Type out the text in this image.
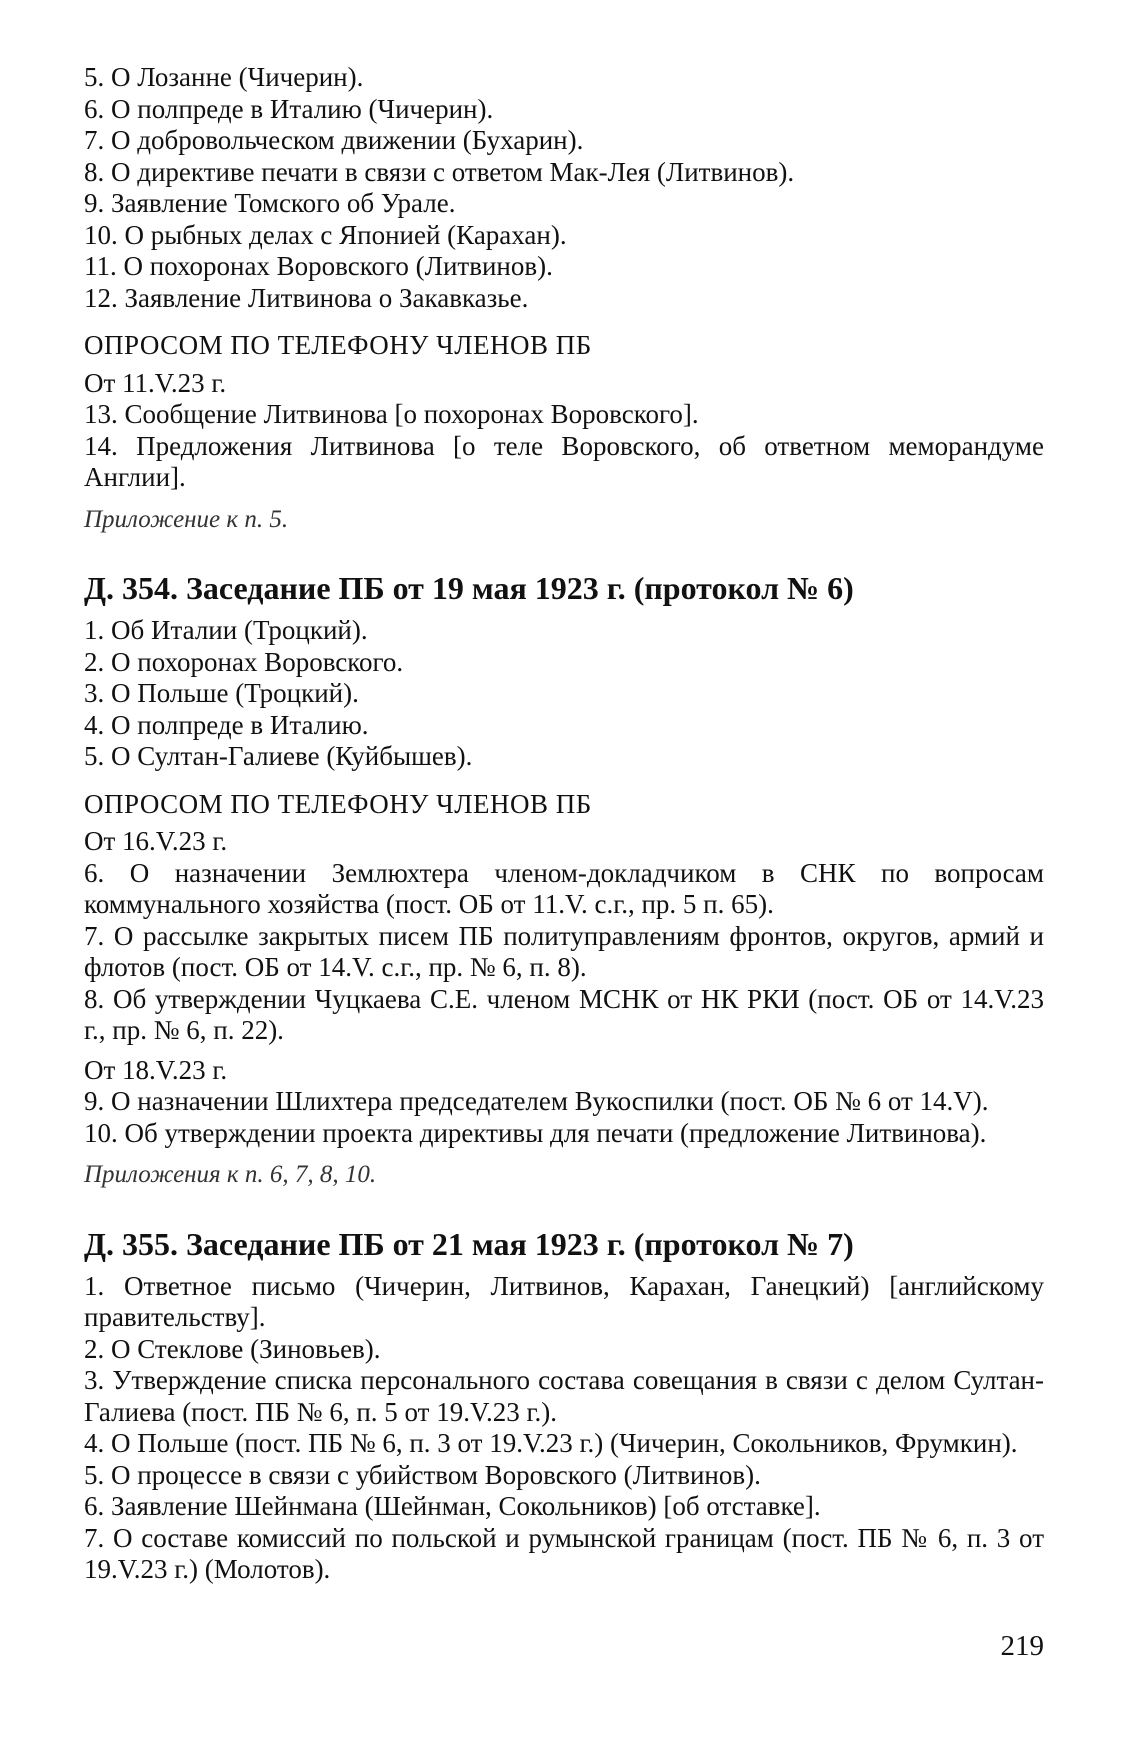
5. О Лозанне (Чичерин).
6. О полпреде в Италию (Чичерин).
7. О добровольческом движении (Бухарин).
8. О директиве печати в связи с ответом Мак-Лея (Литвинов).
9. Заявление Томского об Урале.
10. О рыбных делах с Японией (Карахан).
11. О похоронах Воровского (Литвинов).
12. Заявление Литвинова о Закавказье.
ОПРОСОМ ПО ТЕЛЕФОНУ ЧЛЕНОВ ПБ
От 11.V.23 г.
13. Сообщение Литвинова [о похоронах Воровского].
14. Предложения Литвинова [о теле Воровского, об ответном меморандуме Англии].
Приложение к п. 5.
Д. 354. Заседание ПБ от 19 мая 1923 г. (протокол № 6)
1. Об Италии (Троцкий).
2. О похоронах Воровского.
3. О Польше (Троцкий).
4. О полпреде в Италию.
5. О Султан-Галиеве (Куйбышев).
ОПРОСОМ ПО ТЕЛЕФОНУ ЧЛЕНОВ ПБ
От 16.V.23 г.
6. О назначении Землюхтера членом-докладчиком в СНК по вопросам коммунального хозяйства (пост. ОБ от 11.V. с.г., пр. 5 п. 65).
7. О рассылке закрытых писем ПБ политуправлениям фронтов, округов, армий и флотов (пост. ОБ от 14.V. с.г., пр. № 6, п. 8).
8. Об утверждении Чуцкаева С.Е. членом МСНК от НК РКИ (пост. ОБ от 14.V.23 г., пр. № 6, п. 22).
От 18.V.23 г.
9. О назначении Шлихтера председателем Вукоспилки (пост. ОБ № 6 от 14.V).
10. Об утверждении проекта директивы для печати (предложение Литвинова).
Приложения к п. 6, 7, 8, 10.
Д. 355. Заседание ПБ от 21 мая 1923 г. (протокол № 7)
1. Ответное письмо (Чичерин, Литвинов, Карахан, Ганецкий) [английскому правительству].
2. О Стеклове (Зиновьев).
3. Утверждение списка персонального состава совещания в связи с делом Султан-Галиева (пост. ПБ № 6, п. 5 от 19.V.23 г.).
4. О Польше (пост. ПБ № 6, п. 3 от 19.V.23 г.) (Чичерин, Сокольников, Фрумкин).
5. О процессе в связи с убийством Воровского (Литвинов).
6. Заявление Шейнмана (Шейнман, Сокольников) [об отставке].
7. О составе комиссий по польской и румынской границам (пост. ПБ № 6, п. 3 от 19.V.23 г.) (Молотов).
219
